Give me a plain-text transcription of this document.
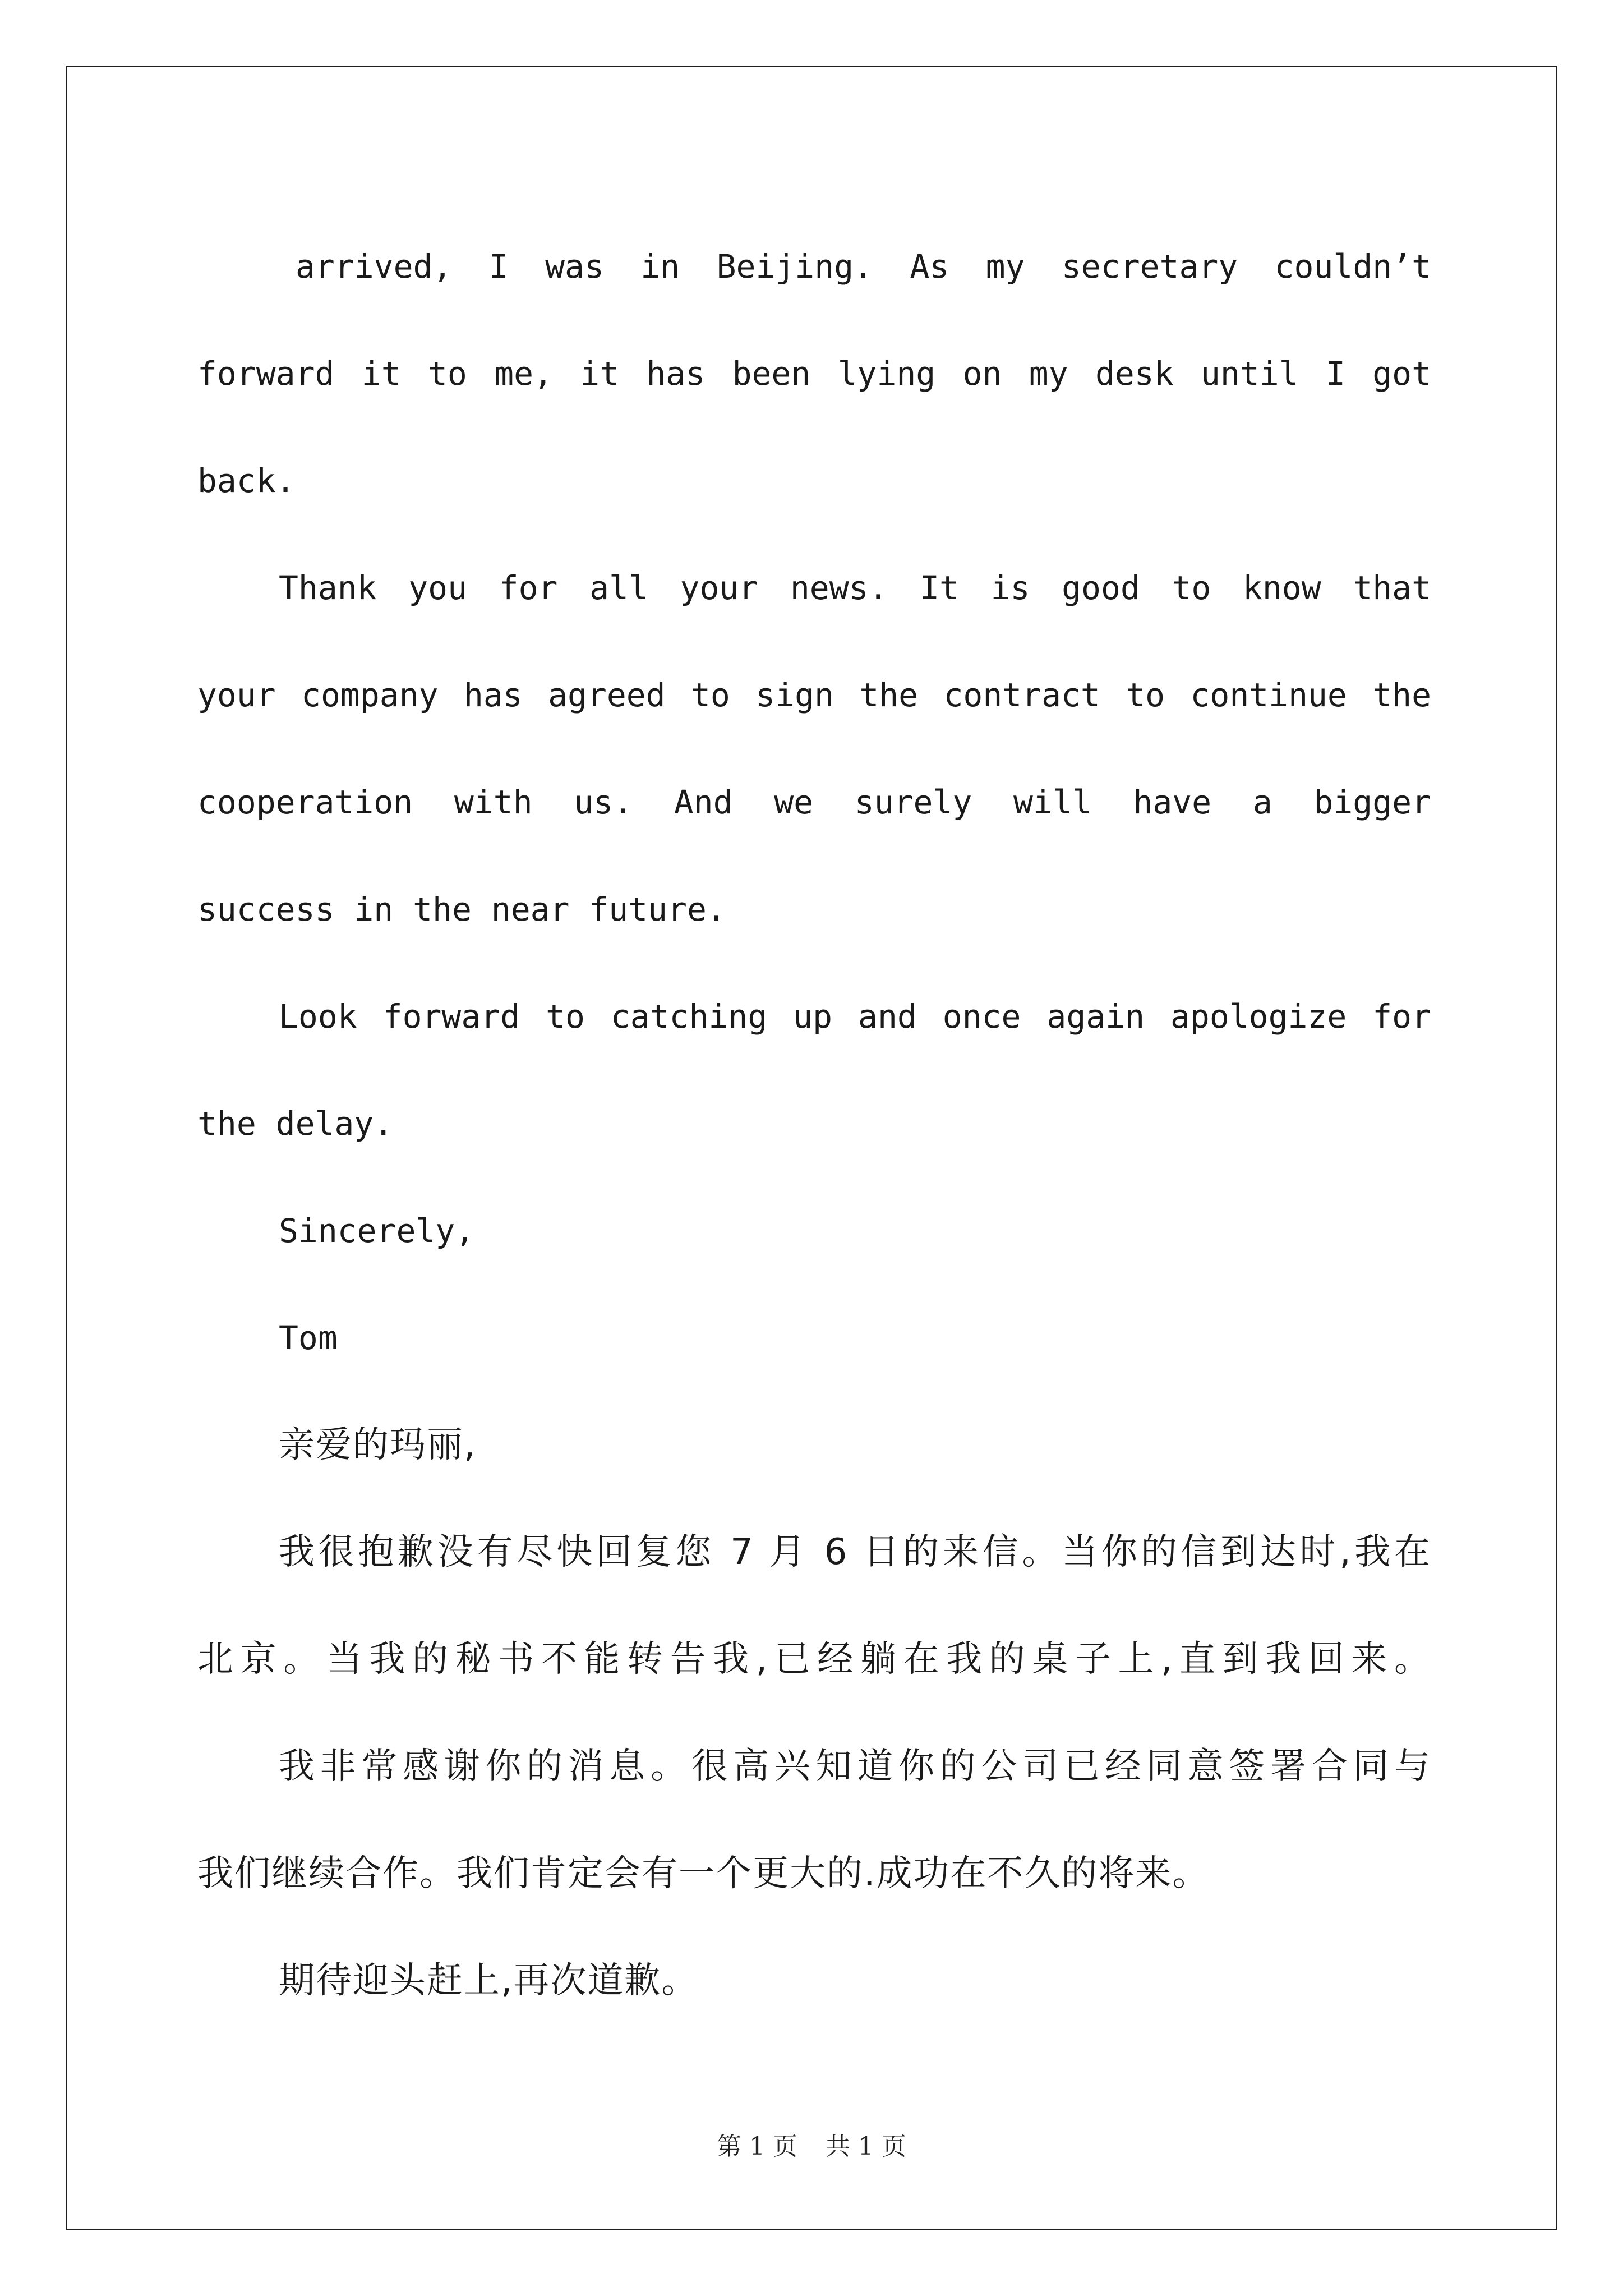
arrived, I was in Beijing. As my secretary couldn’t
forward it to me, it has been lying on my desk until I got
back.
Thank you for all your news. It is good to know that
your company has agreed to sign the contract to continue the
cooperation with us. And we surely will have a bigger
success in the near future.
Look forward to catching up and once again apologize for
the delay.
Sincerely,
Tom
亲爱的玛丽,
我很抱歉没有尽快回复您 7 月 6 日的来信。当你的信到达时,我在
北京。当我的秘书不能转告我,已经躺在我的桌子上,直到我回来。
我非常感谢你的消息。很高兴知道你的公司已经同意签署合同与
我们继续合作。我们肯定会有一个更大的.成功在不久的将来。
期待迎头赶上,再次道歉。
第 1 页 共 1 页
